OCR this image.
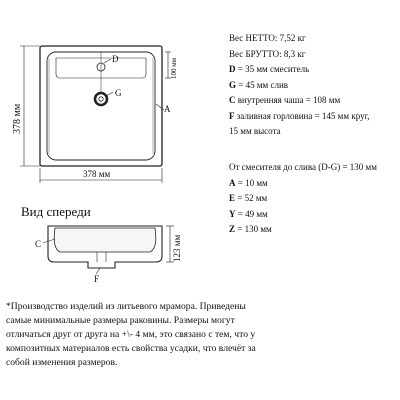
D
G
A
100 мм
378 мм
378 мм
Вид спереди
C
F
123 мм
Вес НЕТТО: 7,52 кг
Вес БРУТТО: 8,3 кг
D = 35 мм смеситель
G = 45 мм слив
C внутренняя чаша = 108 мм
F заливная горловина = 145 мм круг,
15 мм высота
От смесителя до слива (D-G) = 130 мм
A = 10 мм
E = 52 мм
Y = 49 мм
Z = 130 мм
*Производство изделий из литьевого мрамора. Приведены
самые минимальные размеры раковины. Размеры могут
отличаться друг от друга на +\- 4 мм, это связано с тем, что у
композитных материалов есть свойства усадки, что влечёт за
собой изменения размеров.
